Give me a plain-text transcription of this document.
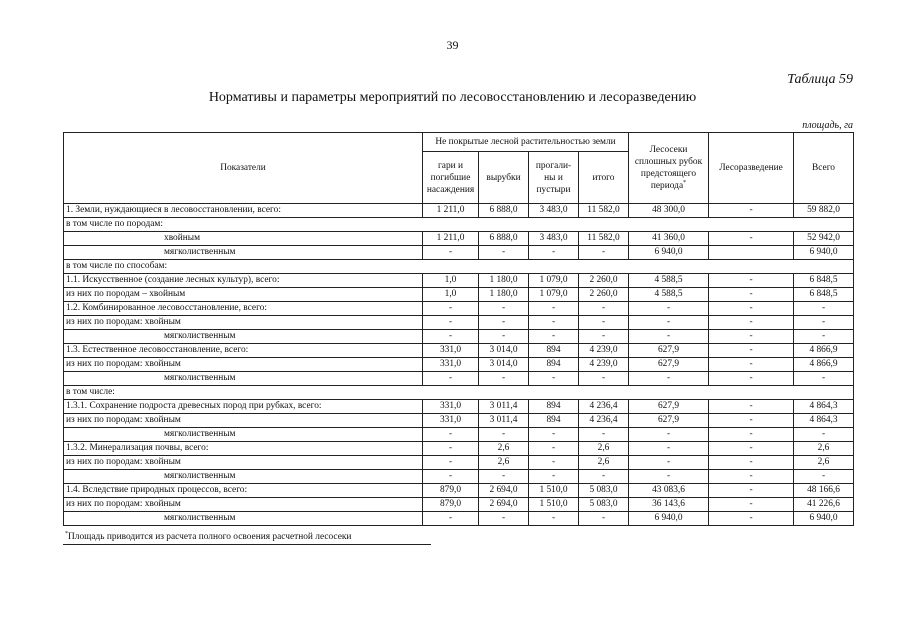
39
Таблица 59
Нормативы и параметры мероприятий по лесовосстановлению и лесоразведению
площадь, га
Показатели	Не покрытые лесной растительностью земли				Лесосеки сплошных рубок предстоящего периода*	Лесоразведение	Всего
	гари и погибшие насаждения	вырубки	прогали-ны и пустыри	итого			
1. Земли, нуждающиеся в лесовосстановлении, всего:	1 211,0	6 888,0	3 483,0	11 582,0	48 300,0	-	59 882,0
в том числе по породам:							
хвойным	1 211,0	6 888,0	3 483,0	11 582,0	41 360,0	-	52 942,0
мягколиственным	-	-	-	-	6 940,0		6 940,0
в том числе по способам:							
1.1. Искусственное (создание лесных культур), всего:	1,0	1 180,0	1 079,0	2 260,0	4 588,5	-	6 848,5
из них по породам – хвойным	1,0	1 180,0	1 079,0	2 260,0	4 588,5	-	6 848,5
1.2. Комбинированное лесовосстановление, всего:	-	-	-	-	-	-	-
из них по породам: хвойным	-	-	-	-	-	-	-
мягколиственным	-	-	-	-	-	-	-
1.3. Естественное лесовосстановление, всего:	331,0	3 014,0	894	4 239,0	627,9	-	4 866,9
из них по породам: хвойным	331,0	3 014,0	894	4 239,0	627,9	-	4 866,9
мягколиственным	-	-	-	-	-	-	-
в том числе:							
1.3.1. Сохранение подроста древесных пород при рубках, всего:	331,0	3 011,4	894	4 236,4	627,9	-	4 864,3
из них по породам: хвойным	331,0	3 011,4	894	4 236,4	627,9	-	4 864,3
мягколиственным	-	-	-	-	-	-	-
1.3.2. Минерализация почвы, всего:	-	2,6	-	2,6	-	-	2,6
из них по породам: хвойным	-	2,6	-	2,6	-	-	2,6
мягколиственным	-	-	-	-	-	-	-
1.4. Вследствие природных процессов, всего:	879,0	2 694,0	1 510,0	5 083,0	43 083,6	-	48 166,6
из них по породам: хвойным	879,0	2 694,0	1 510,0	5 083,0	36 143,6	-	41 226,6
мягколиственным	-	-	-	-	6 940,0	-	6 940,0
*Площадь приводится из расчета полного освоения расчетной лесосеки
